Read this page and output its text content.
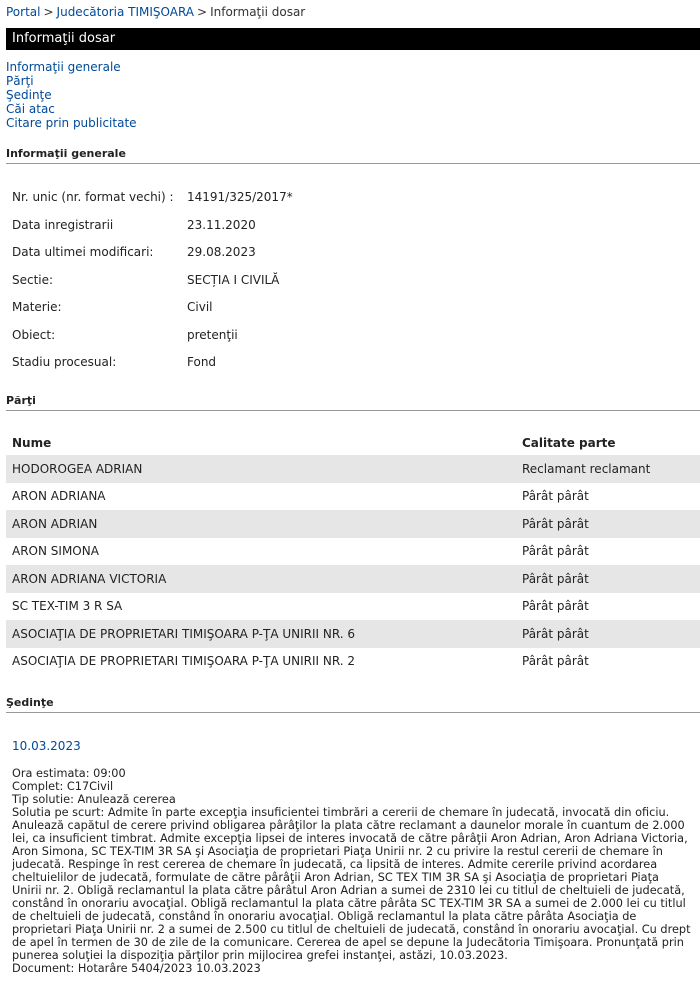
Portal > Judecătoria TIMIŞOARA > Informaţii dosar
Informaţii dosar
Informaţii generale
Părţi
Şedinţe
Căi atac
Citare prin publicitate
Informaţii generale
Nr. unic (nr. format vechi) : 14191/325/2017*
Data inregistrarii	23.11.2020
Data ultimei modificari:	29.08.2023
Sectie:	SECȚIA I CIVILĂ
Materie:	Civil
Obiect:	pretenţii
Stadiu procesual:	Fond
Părţi
Nume	Calitate parte
HODOROGEA ADRIAN	Reclamant reclamant
ARON ADRIANA	Pârât pârât
ARON ADRIAN	Pârât pârât
ARON SIMONA	Pârât pârât
ARON ADRIANA VICTORIA	Pârât pârât
SC TEX-TIM 3 R SA	Pârât pârât
ASOCIAŢIA DE PROPRIETARI TIMIŞOARA P-ŢA UNIRII NR. 6	Pârât pârât
ASOCIAŢIA DE PROPRIETARI TIMIŞOARA P-ŢA UNIRII NR. 2	Pârât pârât
Şedinţe
10.03.2023
Ora estimata: 09:00
Complet: C17Civil
Tip solutie: Anulează cererea
Solutia pe scurt: Admite în parte excepţia insuficientei timbrări a cererii de chemare în judecată, invocată din oficiu. Anulează capătul de cerere privind obligarea pârâţilor la plata către reclamant a daunelor morale în cuantum de 2.000 lei, ca insuficient timbrat. Admite excepţia lipsei de interes invocată de către pârâţii Aron Adrian, Aron Adriana Victoria, Aron Simona, SC TEX-TIM 3R SA şi Asociaţia de proprietari Piaţa Unirii nr. 2 cu privire la restul cererii de chemare în judecată. Respinge în rest cererea de chemare în judecată, ca lipsită de interes. Admite cererile privind acordarea cheltuielilor de judecată, formulate de către pârâţii Aron Adrian, SC TEX TIM 3R SA şi Asociaţia de proprietari Piaţa Unirii nr. 2. Obligă reclamantul la plata către pârâtul Aron Adrian a sumei de 2310 lei cu titlul de cheltuieli de judecată, constând în onorariu avocaţial. Obligă reclamantul la plata către pârâta SC TEX-TIM 3R SA a sumei de 2.000 lei cu titlul de cheltuieli de judecată, constând în onorariu avocaţial. Obligă reclamantul la plata către pârâta Asociaţia de proprietari Piaţa Unirii nr. 2 a sumei de 2.500 cu titlul de cheltuieli de judecată, constând în onorariu avocaţial. Cu drept de apel în termen de 30 de zile de la comunicare. Cererea de apel se depune la Judecătoria Timişoara. Pronunţată prin punerea soluţiei la dispoziţia părţilor prin mijlocirea grefei instanţei, astăzi, 10.03.2023.
Document: Hotarâre 5404/2023 10.03.2023
